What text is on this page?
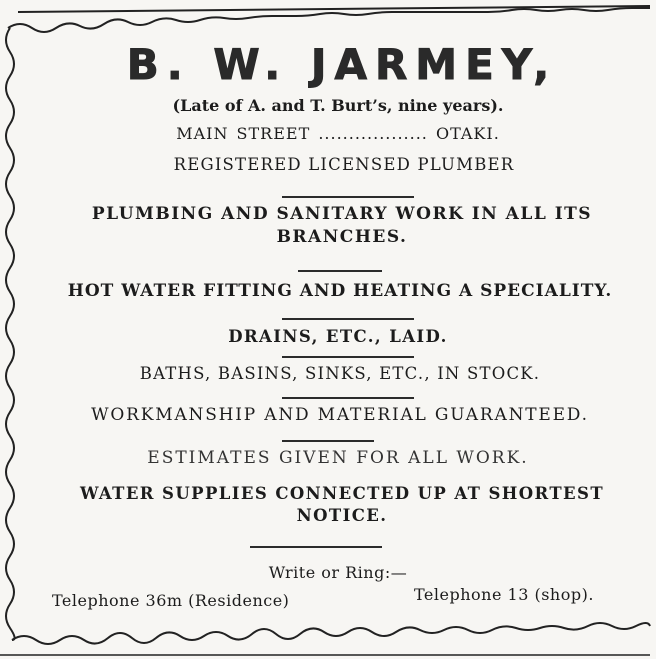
B. W. JARMEY,
(Late of A. and T. Burt’s, nine years).
MAIN STREET .................. OTAKI.
REGISTERED LICENSED PLUMBER
PLUMBING AND SANITARY WORK IN ALL ITS
BRANCHES.
HOT WATER FITTING AND HEATING A SPECIALITY.
DRAINS, ETC., LAID.
BATHS, BASINS, SINKS, ETC., IN STOCK.
WORKMANSHIP AND MATERIAL GUARANTEED.
ESTIMATES GIVEN FOR ALL WORK.
WATER SUPPLIES CONNECTED UP AT SHORTEST
NOTICE.
Write or Ring:—
Telephone 36m (Residence)	Telephone 13 (shop).
